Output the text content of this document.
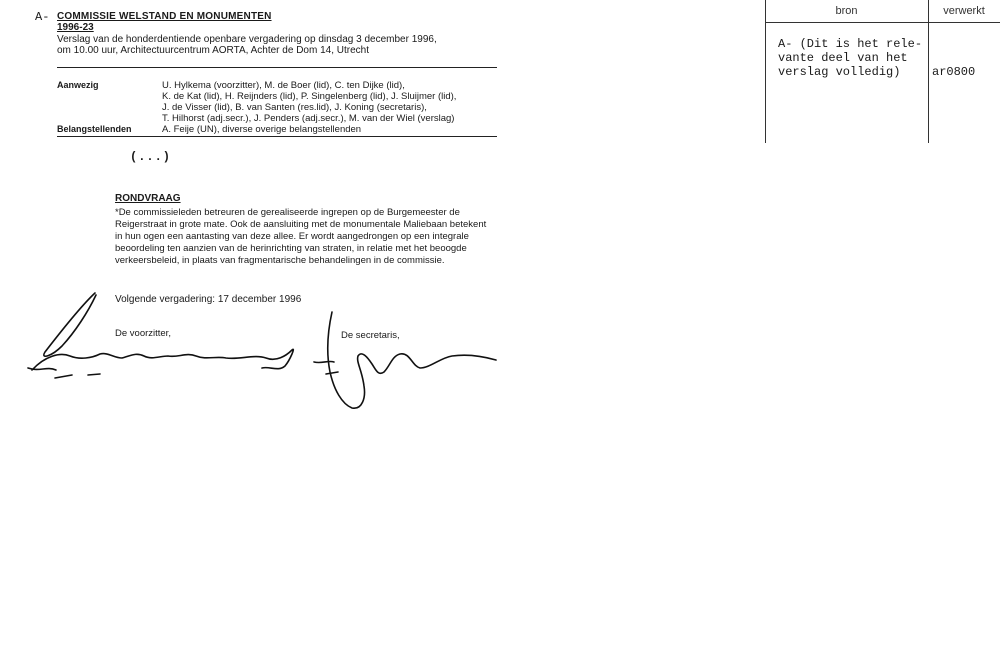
A- COMMISSIE WELSTAND EN MONUMENTEN
1996-23
Verslag van de honderdentiende openbare vergadering op dinsdag 3 december 1996,
om 10.00 uur, Architectuurcentrum AORTA, Achter de Dom 14, Utrecht
Aanwezig	U. Hylkema (voorzitter), M. de Boer (lid), C. ten Dijke (lid),
K. de Kat (lid), H. Reijnders (lid), P. Singelenberg (lid), J. Sluijmer (lid),
J. de Visser (lid), B. van Santen (res.lid), J. Koning (secretaris),
T. Hilhorst (adj.secr.), J. Penders (adj.secr.), M. van der Wiel (verslag)
Belangstellenden	A. Feije (UN), diverse overige belangstellenden
(...)
RONDVRAAG
*De commissieleden betreuren de gerealiseerde ingrepen op de Burgemeester de
Reigerstraat in grote mate. Ook de aansluiting met de monumentale Maliebaan betekent
in hun ogen een aantasting van deze allee. Er wordt aangedrongen op een integrale
beoordeling ten aanzien van de herinrichting van straten, in relatie met het beoogde
verkeersbeleid, in plaats van fragmentarische behandelingen in de commissie.
Volgende vergadering: 17 december 1996
De voorzitter,	De secretaris,
bron	verwerkt
A- (Dit is het rele-
vante deel van het
verslag volledig)	ar0800
